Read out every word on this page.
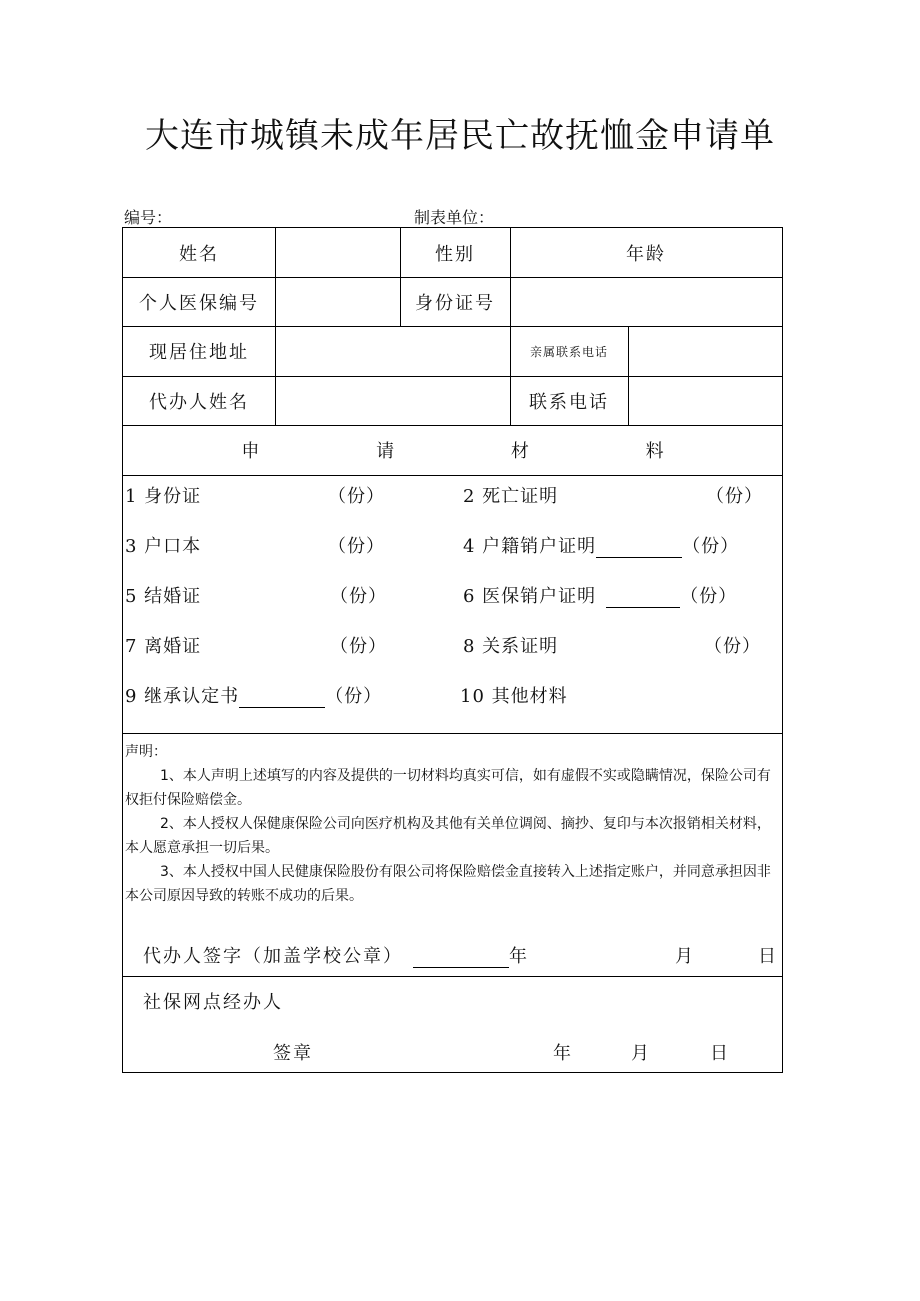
大连市城镇未成年居民亡故抚恤金申请单
编号：	制表单位：
姓名	性别	年龄
个人医保编号	身份证号
现居住地址	亲属联系电话
代办人姓名	联系电话
申	请	材	料
1 身份证	（份）	2 死亡证明	（份）
3 户口本	（份）	4 户籍销户证明	（份）
5 结婚证	（份）	6 医保销户证明	（份）
7 离婚证	（份）	8 关系证明	（份）
9 继承认定书	（份）	10 其他材料

声明：

1、本人声明上述填写的内容及提供的一切材料均真实可信，如有虚假不实或隐瞒情况，保险公司有权拒付保险赔偿金。

2、本人授权人保健康保险公司向医疗机构及其他有关单位调阅、摘抄、复印与本次报销相关材料，本人愿意承担一切后果。

3、本人授权中国人民健康保险股份有限公司将保险赔偿金直接转入上述指定账户，并同意承担因非本公司原因导致的转账不成功的后果。

代办人签字（加盖学校公章）	年	月	日
社保网点经办人
签章	年	月	日
